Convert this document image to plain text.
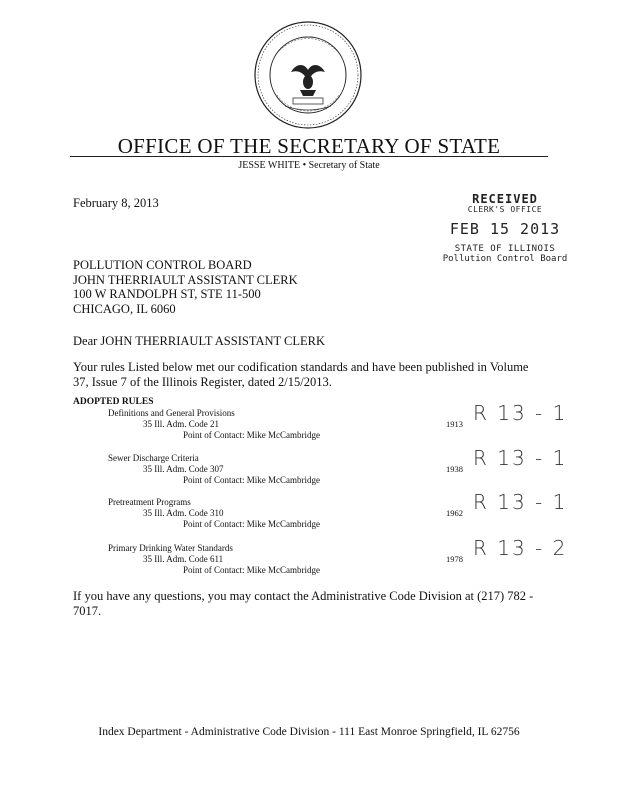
OFFICE OF THE SECRETARY OF STATE
JESSE WHITE • Secretary of State
February 8, 2013	RECEIVED
CLERK'S OFFICE
FEB 15 2013
STATE OF ILLINOIS
Pollution Control Board
POLLUTION CONTROL BOARD
JOHN THERRIAULT ASSISTANT CLERK
100 W RANDOLPH ST, STE 11-500
CHICAGO, IL 6060
Dear JOHN THERRIAULT ASSISTANT CLERK
Your rules Listed below met our codification standards and have been published in Volume 37, Issue 7 of the Illinois Register, dated 2/15/2013.
ADOPTED RULES
Definitions and General Provisions
35 Ill. Adm. Code 21
Point of Contact: Mike McCambridge
1913 R 13 - 1
Sewer Discharge Criteria
35 Ill. Adm. Code 307
Point of Contact: Mike McCambridge
1938 R 13 - 1
Pretreatment Programs
35 Ill. Adm. Code 310
Point of Contact: Mike McCambridge
1962 R 13 - 1
Primary Drinking Water Standards
35 Ill. Adm. Code 611
Point of Contact: Mike McCambridge
1978 R 13 - 2
If you have any questions, you may contact the Administrative Code Division at (217) 782 - 7017.
Index Department - Administrative Code Division - 111 East Monroe Springfield, IL 62756
